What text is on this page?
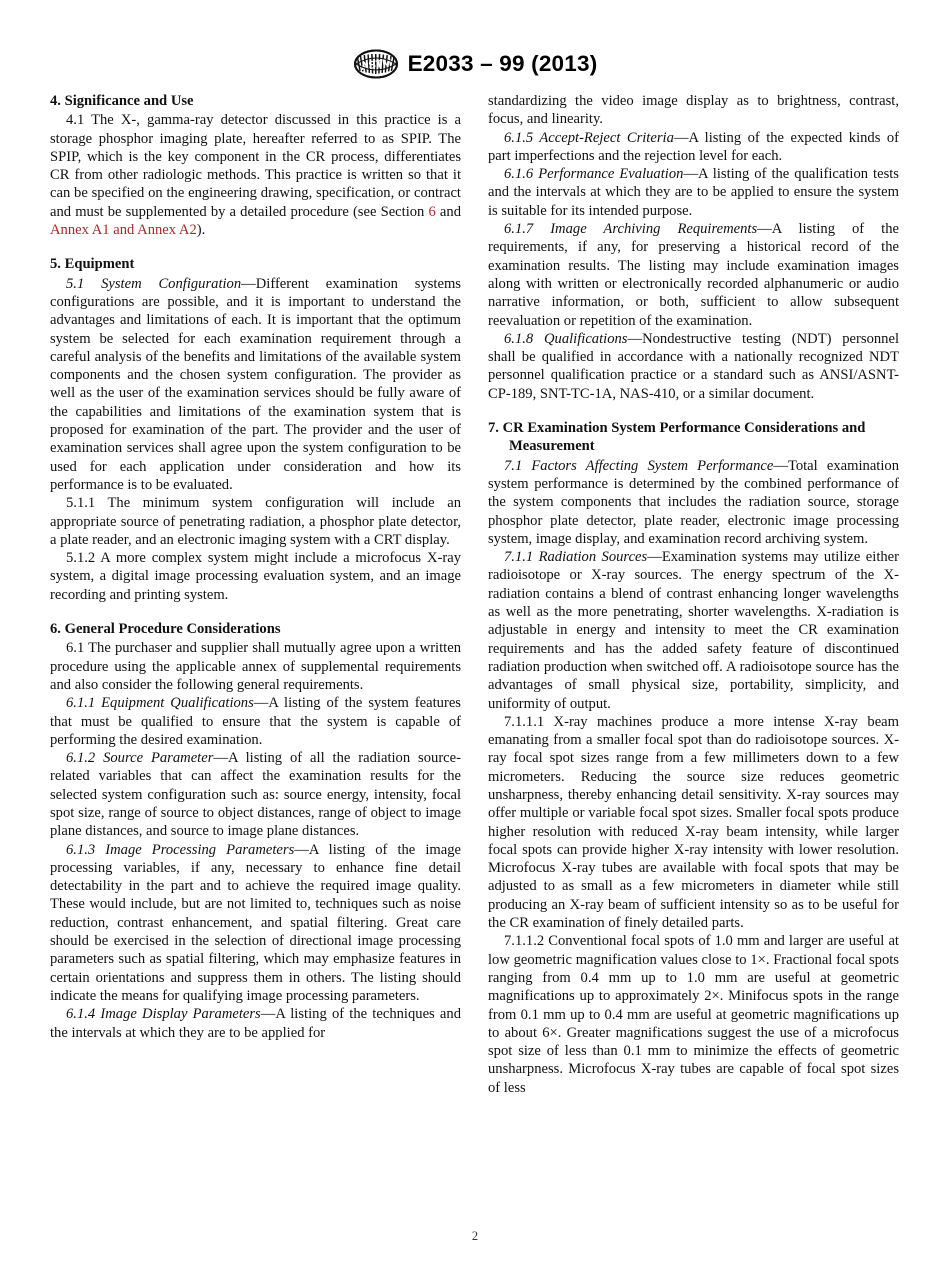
ASTM E2033 – 99 (2013)
4. Significance and Use

4.1 The X-, gamma-ray detector discussed in this practice is a storage phosphor imaging plate, hereafter referred to as SPIP. The SPIP, which is the key component in the CR process, differentiates CR from other radiologic methods. This practice is written so that it can be specified on the engineering drawing, specification, or contract and must be supplemented by a detailed procedure (see Section 6 and Annex A1 and Annex A2).

5. Equipment

5.1 System Configuration—Different examination systems configurations are possible, and it is important to understand the advantages and limitations of each. It is important that the optimum system be selected for each examination requirement through a careful analysis of the benefits and limitations of the available system components and the chosen system configuration. The provider as well as the user of the examination services should be fully aware of the capabilities and limitations of the examination system that is proposed for examination of the part. The provider and the user of examination services shall agree upon the system configuration to be used for each application under consideration and how its performance is to be evaluated.

5.1.1 The minimum system configuration will include an appropriate source of penetrating radiation, a phosphor plate detector, a plate reader, and an electronic imaging system with a CRT display.

5.1.2 A more complex system might include a microfocus X-ray system, a digital image processing evaluation system, and an image recording and printing system.

6. General Procedure Considerations

6.1 The purchaser and supplier shall mutually agree upon a written procedure using the applicable annex of supplemental requirements and also consider the following general requirements.

6.1.1 Equipment Qualifications—A listing of the system features that must be qualified to ensure that the system is capable of performing the desired examination.

6.1.2 Source Parameter—A listing of all the radiation source-related variables that can affect the examination results for the selected system configuration such as: source energy, intensity, focal spot size, range of source to object distances, range of object to image plane distances, and source to image plane distances.

6.1.3 Image Processing Parameters—A listing of the image processing variables, if any, necessary to enhance fine detail detectability in the part and to achieve the required image quality. These would include, but are not limited to, techniques such as noise reduction, contrast enhancement, and spatial filtering. Great care should be exercised in the selection of directional image processing parameters such as spatial filtering, which may emphasize features in certain orientations and suppress them in others. The listing should indicate the means for qualifying image processing parameters.

6.1.4 Image Display Parameters—A listing of the techniques and the intervals at which they are to be applied for

standardizing the video image display as to brightness, contrast, focus, and linearity.

6.1.5 Accept-Reject Criteria—A listing of the expected kinds of part imperfections and the rejection level for each.

6.1.6 Performance Evaluation—A listing of the qualification tests and the intervals at which they are to be applied to ensure the system is suitable for its intended purpose.

6.1.7 Image Archiving Requirements—A listing of the requirements, if any, for preserving a historical record of the examination results. The listing may include examination images along with written or electronically recorded alphanumeric or audio narrative information, or both, sufficient to allow subsequent reevaluation or repetition of the examination.

6.1.8 Qualifications—Nondestructive testing (NDT) personnel shall be qualified in accordance with a nationally recognized NDT personnel qualification practice or a standard such as ANSI/ASNT-CP-189, SNT-TC-1A, NAS-410, or a similar document.

7. CR Examination System Performance Considerations and Measurement

7.1 Factors Affecting System Performance—Total examination system performance is determined by the combined performance of the system components that includes the radiation source, storage phosphor plate detector, plate reader, electronic image processing system, image display, and examination record archiving system.

7.1.1 Radiation Sources—Examination systems may utilize either radioisotope or X-ray sources. The energy spectrum of the X-radiation contains a blend of contrast enhancing longer wavelengths as well as the more penetrating, shorter wavelengths. X-radiation is adjustable in energy and intensity to meet the CR examination requirements and has the added safety feature of discontinued radiation production when switched off. A radioisotope source has the advantages of small physical size, portability, simplicity, and uniformity of output.

7.1.1.1 X-ray machines produce a more intense X-ray beam emanating from a smaller focal spot than do radioisotope sources. X-ray focal spot sizes range from a few millimeters down to a few micrometers. Reducing the source size reduces geometric unsharpness, thereby enhancing detail sensitivity. X-ray sources may offer multiple or variable focal spot sizes. Smaller focal spots produce higher resolution with reduced X-ray beam intensity, while larger focal spots can provide higher X-ray intensity with lower resolution. Microfocus X-ray tubes are available with focal spots that may be adjusted to as small as a few micrometers in diameter while still producing an X-ray beam of sufficient intensity so as to be useful for the CR examination of finely detailed parts.

7.1.1.2 Conventional focal spots of 1.0 mm and larger are useful at low geometric magnification values close to 1×. Fractional focal spots ranging from 0.4 mm up to 1.0 mm are useful at geometric magnifications up to approximately 2×. Minifocus spots in the range from 0.1 mm up to 0.4 mm are useful at geometric magnifications up to about 6×. Greater magnifications suggest the use of a microfocus spot size of less than 0.1 mm to minimize the effects of geometric unsharpness. Microfocus X-ray tubes are capable of focal spot sizes of less

2
